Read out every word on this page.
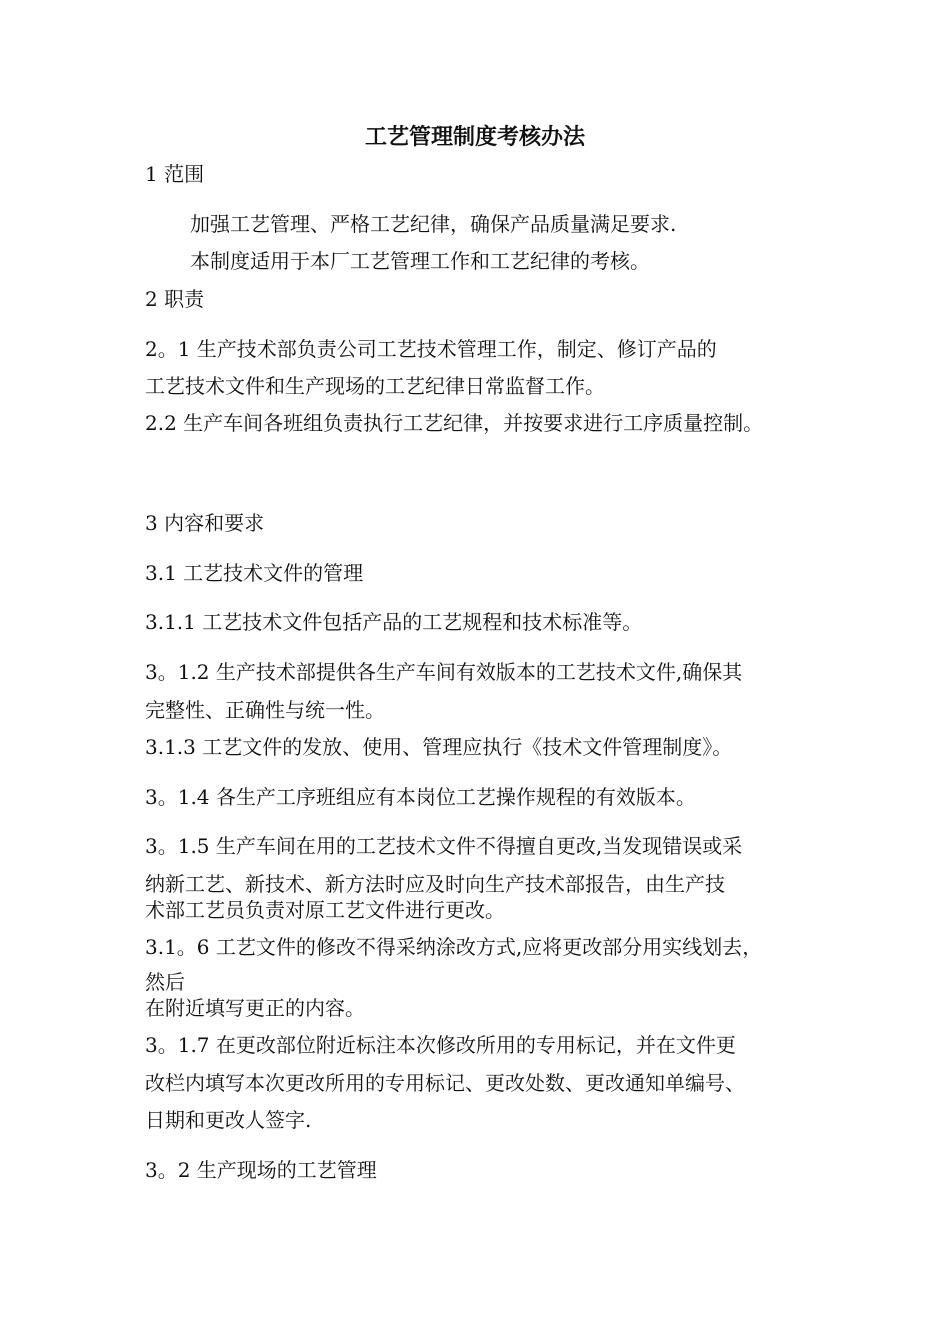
工艺管理制度考核办法
1 范围
加强工艺管理、严格工艺纪律，确保产品质量满足要求.
本制度适用于本厂工艺管理工作和工艺纪律的考核。
2 职责
2。1 生产技术部负责公司工艺技术管理工作，制定、修订产品的
工艺技术文件和生产现场的工艺纪律日常监督工作。
2.2 生产车间各班组负责执行工艺纪律，并按要求进行工序质量控制。
3 内容和要求
3.1 工艺技术文件的管理
3.1.1 工艺技术文件包括产品的工艺规程和技术标准等。
3。1.2 生产技术部提供各生产车间有效版本的工艺技术文件,确保其
完整性、正确性与统一性。
3.1.3 工艺文件的发放、使用、管理应执行《技术文件管理制度》。
3。1.4 各生产工序班组应有本岗位工艺操作规程的有效版本。
3。1.5 生产车间在用的工艺技术文件不得擅自更改,当发现错误或采
纳新工艺、新技术、新方法时应及时向生产技术部报告，由生产技
术部工艺员负责对原工艺文件进行更改。
3.1。6 工艺文件的修改不得采纳涂改方式,应将更改部分用实线划去，
然后
在附近填写更正的内容。
3。1.7 在更改部位附近标注本次修改所用的专用标记，并在文件更
改栏内填写本次更改所用的专用标记、更改处数、更改通知单编号、
日期和更改人签字.
3。2 生产现场的工艺管理
